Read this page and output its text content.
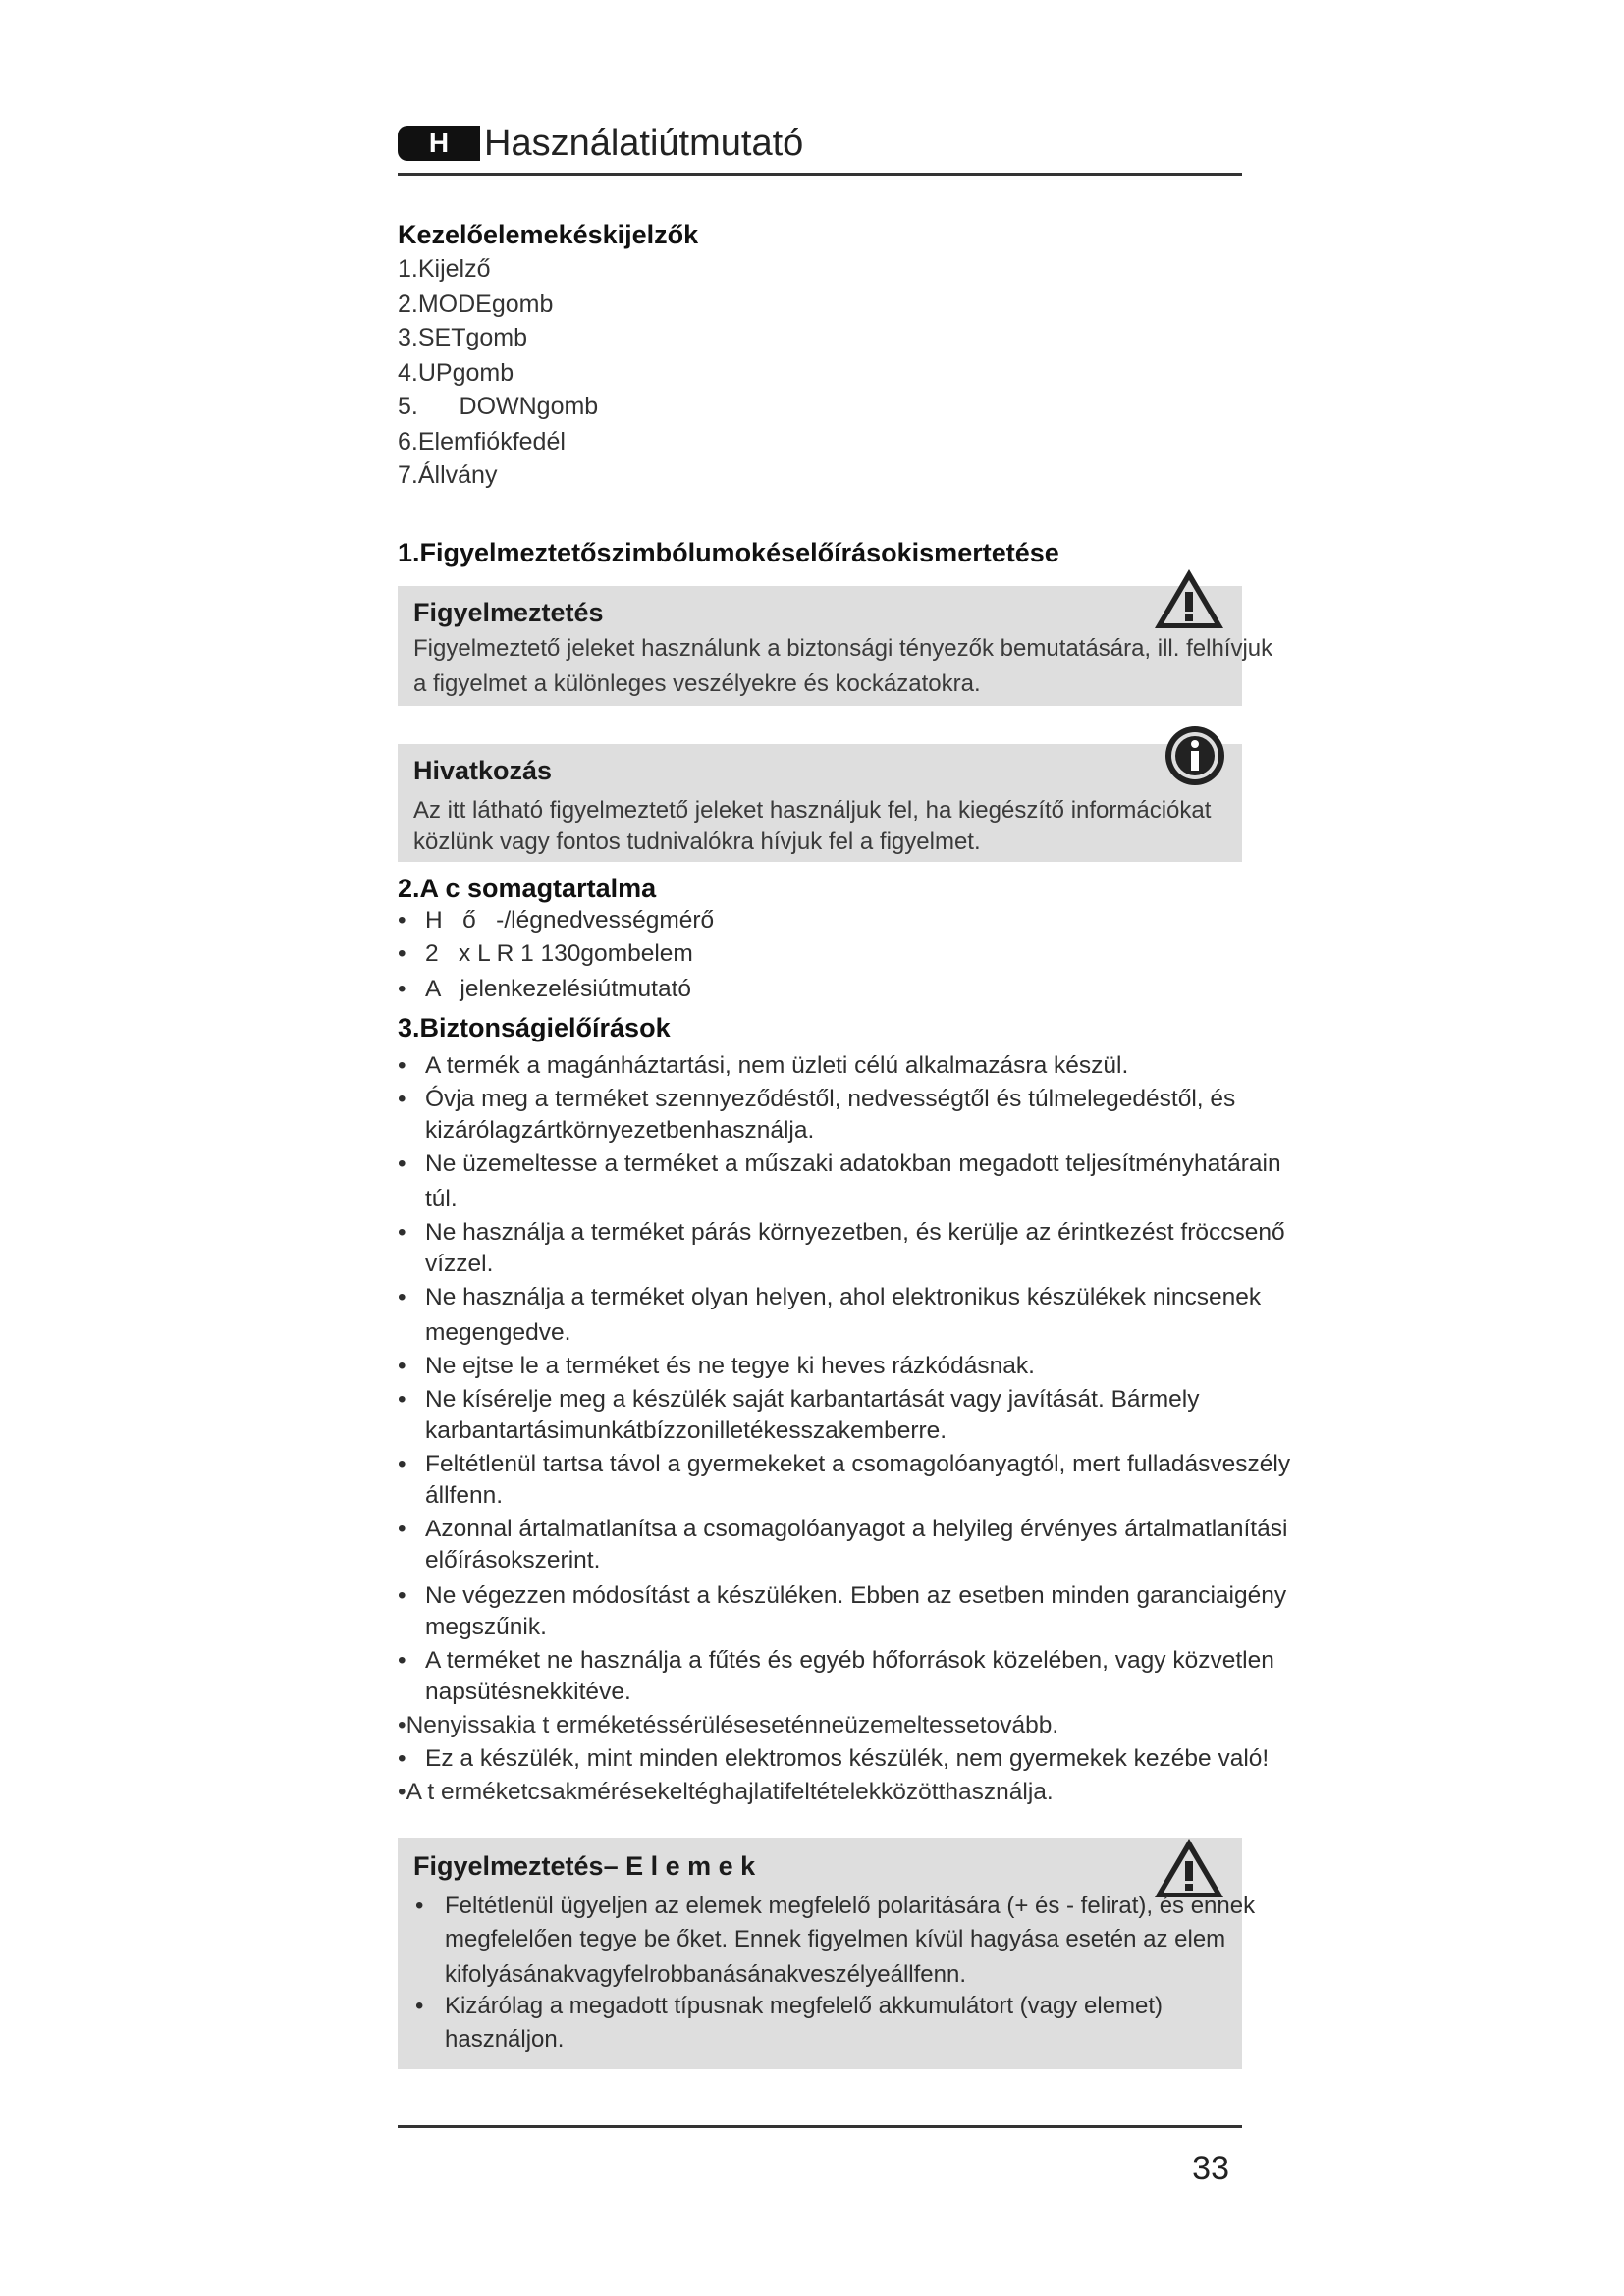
H Használatiútmutató
Kezelőelemekéskijelzők
1.Kijelző
2.MODEgomb
3.SETgomb
4.UPgomb
5.      DOWNgomb
6.Elemfiókfedél
7.Állvány
1.Figyelmeztetőszimbólumokéselőírásokismertetése
Figyelmeztetés
Figyelmeztető jeleket használunk a biztonsági tényezők bemutatására, ill. felhívjuk
a figyelmet a különleges veszélyekre és kockázatokra.
Hivatkozás
Az itt látható figyelmeztető jeleket használjuk fel, ha kiegészítő információkat
közlünk vagy fontos tudnivalókra hívjuk fel a figyelmet.
2.A c somagtartalma
• H   ő   -/légnedvességmérő
• 2   x L R 1 130gombelem
• A   jelenkezelésiútmutató
3.Biztonságielőírások
• A termék a magánháztartási, nem üzleti célú alkalmazásra készül.
• Óvja meg a terméket szennyeződéstől, nedvességtől és túlmelegedéstől, és
kizárólagzártkörnyezetbenhasználja.
• Ne üzemeltesse a terméket a műszaki adatokban megadott teljesítményhatárain
túl.
• Ne használja a terméket párás környezetben, és kerülje az érintkezést fröccsenő
vízzel.
• Ne használja a terméket olyan helyen, ahol elektronikus készülékek nincsenek
megengedve.
• Ne ejtse le a terméket és ne tegye ki heves rázkódásnak.
• Ne kísérelje meg a készülék saját karbantartását vagy javítását. Bármely
karbantartásimunkátbízzonilletékesszakemberre.
• Feltétlenül tartsa távol a gyermekeket a csomagolóanyagtól, mert fulladásveszély
állfenn.
• Azonnal ártalmatlanítsa a csomagolóanyagot a helyileg érvényes ártalmatlanítási
előírásokszerint.
• Ne végezzen módosítást a készüléken. Ebben az esetben minden garanciaigény
megszűnik.
• A terméket ne használja a fűtés és egyéb hőforrások közelében, vagy közvetlen
napsütésnekkitéve.
•Nenyissakia t erméketéssérüléseseténneüzemeltessetovább.
• Ez a készülék, mint minden elektromos készülék, nem gyermekek kezébe való!
•A t erméketcsakmérésekeltéghajlatifeltételekközötthasználja.
Figyelmeztetés– E l e m e k
• Feltétlenül ügyeljen az elemek megfelelő polaritására (+ és - felirat), és ennek
megfelelően tegye be őket. Ennek figyelmen kívül hagyása esetén az elem
kifolyásánakvagyfelrobbanásánakveszélyeállfenn.
• Kizárólag a megadott típusnak megfelelő akkumulátort (vagy elemet)
használjon.
33
